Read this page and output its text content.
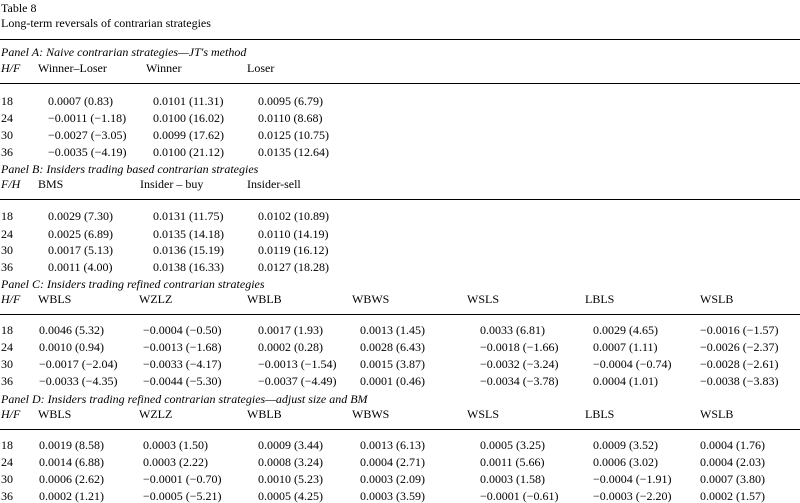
Table 8
Long-term reversals of contrarian strategies
Panel A: Naive contrarian strategies—JT's method
H/F Winner–Loser	Winner	Loser
18	0.0007 (0.83)	0.0101 (11.31)	0.0095 (6.79)
24	−0.0011 (−1.18) 0.0100 (16.02)	0.0110 (8.68)
30	−0.0027 (−3.05) 0.0099 (17.62)	0.0125 (10.75)
36	−0.0035 (−4.19) 0.0100 (21.12)	0.0135 (12.64)
Panel B: Insiders trading based contrarian strategies
F/H BMS	Insider – buy	Insider-sell
18	0.0029 (7.30)	0.0131 (11.75)	0.0102 (10.89)
24	0.0025 (6.89)	0.0135 (14.18)	0.0110 (14.19)
30	0.0017 (5.13)	0.0136 (15.19)	0.0119 (16.12)
36	0.0011 (4.00)	0.0138 (16.33)	0.0127 (18.28)
Panel C: Insiders trading refined contrarian strategies
H/F WBLS	WZLZ	WBLB	WBWS	WSLS	LBLS	WSLB
18 0.0046 (5.32)	−0.0004 (−0.50)	0.0017 (1.93)	0.0013 (1.45)	0.0033 (6.81)	0.0029 (4.65)	−0.0016 (−1.57)
24 0.0010 (0.94)	−0.0013 (−1.68)	0.0002 (0.28)	0.0028 (6.43)	−0.0018 (−1.66)	0.0007 (1.11)	−0.0026 (−2.37)
30 −0.0017 (−2.04) −0.0033 (−4.17)	−0.0013 (−1.54) 0.0015 (3.87)	−0.0032 (−3.24)	−0.0004 (−0.74) −0.0028 (−2.61)
36 −0.0033 (−4.35) −0.0044 (−5.30)	−0.0037 (−4.49) 0.0001 (0.46)	−0.0034 (−3.78)	0.0004 (1.01)	−0.0038 (−3.83)
Panel D: Insiders trading refined contrarian strategies—adjust size and BM
H/F WBLS	WZLZ	WBLB	WBWS	WSLS	LBLS	WSLB
18 0.0019 (8.58)	0.0003 (1.50)	0.0009 (3.44)	0.0013 (6.13)	0.0005 (3.25)	0.0009 (3.52)	0.0004 (1.76)
24 0.0014 (6.88)	0.0003 (2.22)	0.0008 (3.24)	0.0004 (2.71)	0.0011 (5.66)	0.0006 (3.02)	0.0004 (2.03)
30 0.0006 (2.62)	−0.0001 (−0.70)	0.0010 (5.23)	0.0003 (2.09)	0.0003 (1.58)	−0.0004 (−1.91) 0.0007 (3.80)
36 0.0002 (1.21)	−0.0005 (−5.21)	0.0005 (4.25)	0.0003 (3.59)	−0.0001 (−0.61)	−0.0003 (−2.20) 0.0002 (1.57)
